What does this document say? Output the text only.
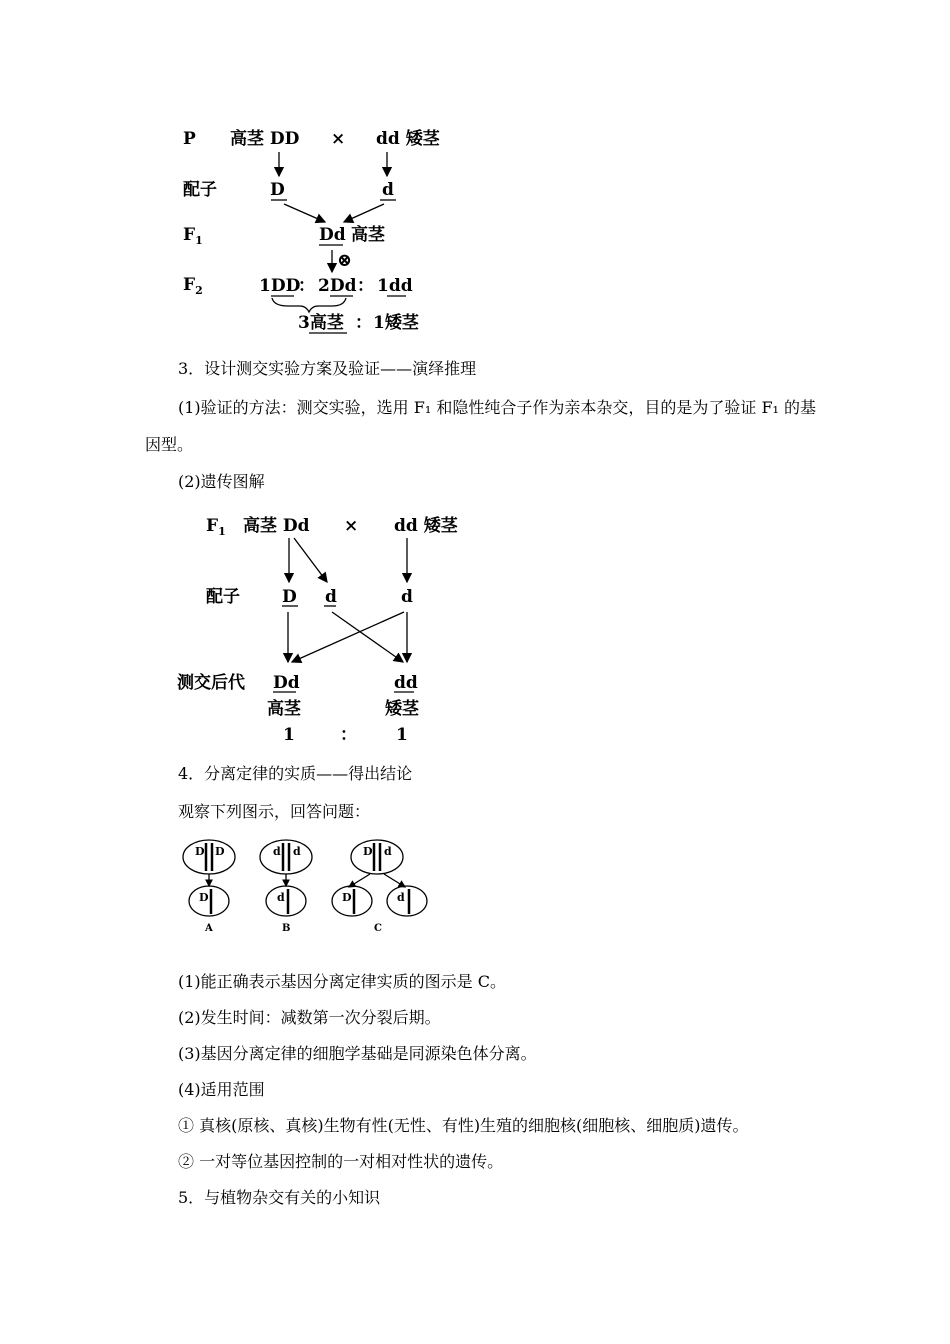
P 高茎 DD × dd 矮茎
配子	D	d
$F_1$	Dd 高茎
⊗
$F_2$	1DD
： 2Dd ： 1dd
3高茎 ： 1矮茎
3．设计测交实验方案及验证——演绎推理
(1)验证的方法：测交实验，选用 F₁ 和隐性纯合子作为亲本杂交，目的是为了验证 F₁ 的基
因型。
(2)遗传图解
$F_1$ 高茎 Dd × dd 矮茎
配子 D d	d
测交后代 Dd	dd
高茎	矮茎
1	： 1
4．分离定律的实质——得出结论
观察下列图示，回答问题：
D D
D
A
d d
d
B
D d
D	d
C
(1)能正确表示基因分离定律实质的图示是 C。
(2)发生时间：减数第一次分裂后期。
(3)基因分离定律的细胞学基础是同源染色体分离。
(4)适用范围
① 真核(原核、真核)生物有性(无性、有性)生殖的细胞核(细胞核、细胞质)遗传。
② 一对等位基因控制的一对相对性状的遗传。
5．与植物杂交有关的小知识
